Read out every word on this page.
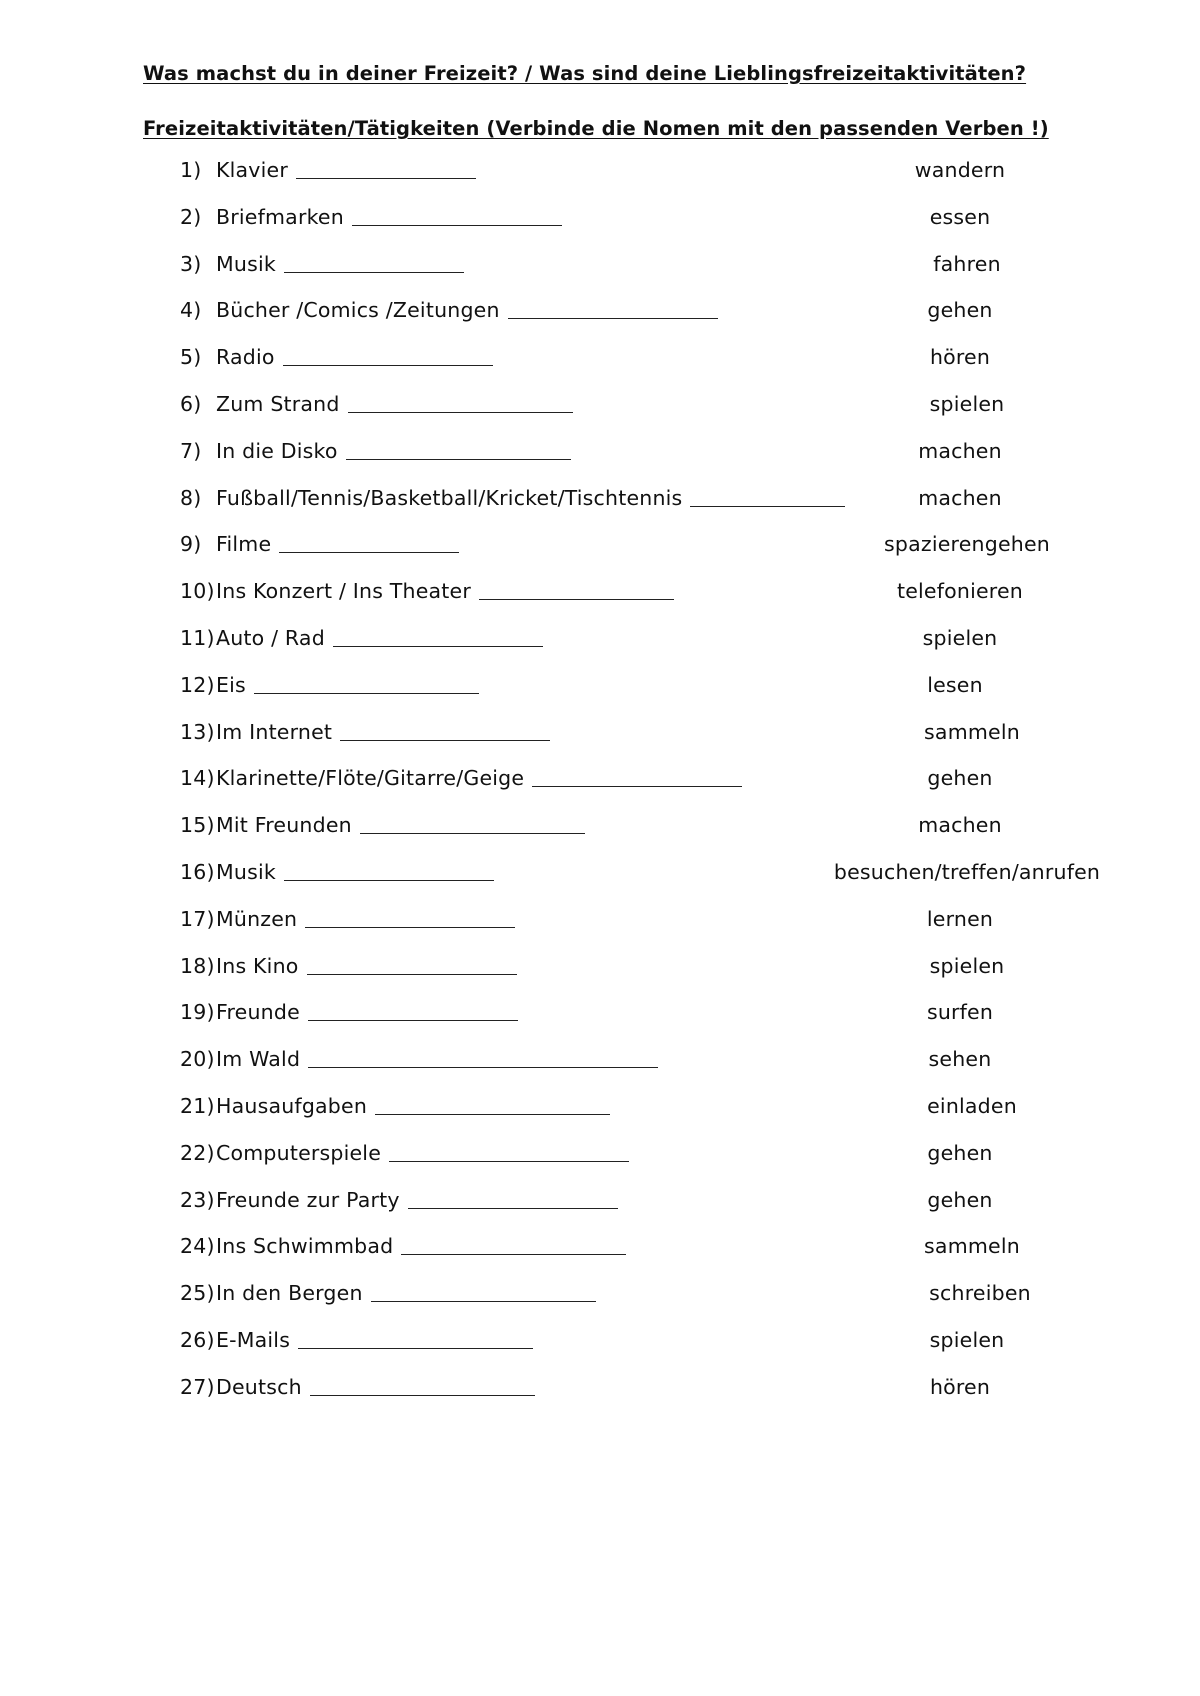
Was machst du in deiner Freizeit? / Was sind deine Lieblingsfreizeitaktivitäten?
Freizeitaktivitäten/Tätigkeiten (Verbinde die Nomen mit den passenden Verben !)
1) Klavier
2) Briefmarken
3) Musik
4) Bücher /Comics /Zeitungen
5) Radio
6) Zum Strand
7) In die Disko
8) Fußball/Tennis/Basketball/Kricket/Tischtennis
9) Filme
10)Ins Konzert / Ins Theater
11)Auto / Rad
12)Eis
13)Im Internet
14)Klarinette/Flöte/Gitarre/Geige
15)Mit Freunden
16)Musik
17)Münzen
18)Ins Kino
19)Freunde
20)Im Wald
21)Hausaufgaben
22)Computerspiele
23)Freunde zur Party
24)Ins Schwimmbad
25)In den Bergen
26)E-Mails
27)Deutsch
wandern
essen
fahren
gehen
hören
spielen
machen
machen
spazierengehen
telefonieren
spielen
lesen
sammeln
gehen
machen
besuchen/treffen/anrufen
lernen
spielen
surfen
sehen
einladen
gehen
gehen
sammeln
schreiben
spielen
hören
